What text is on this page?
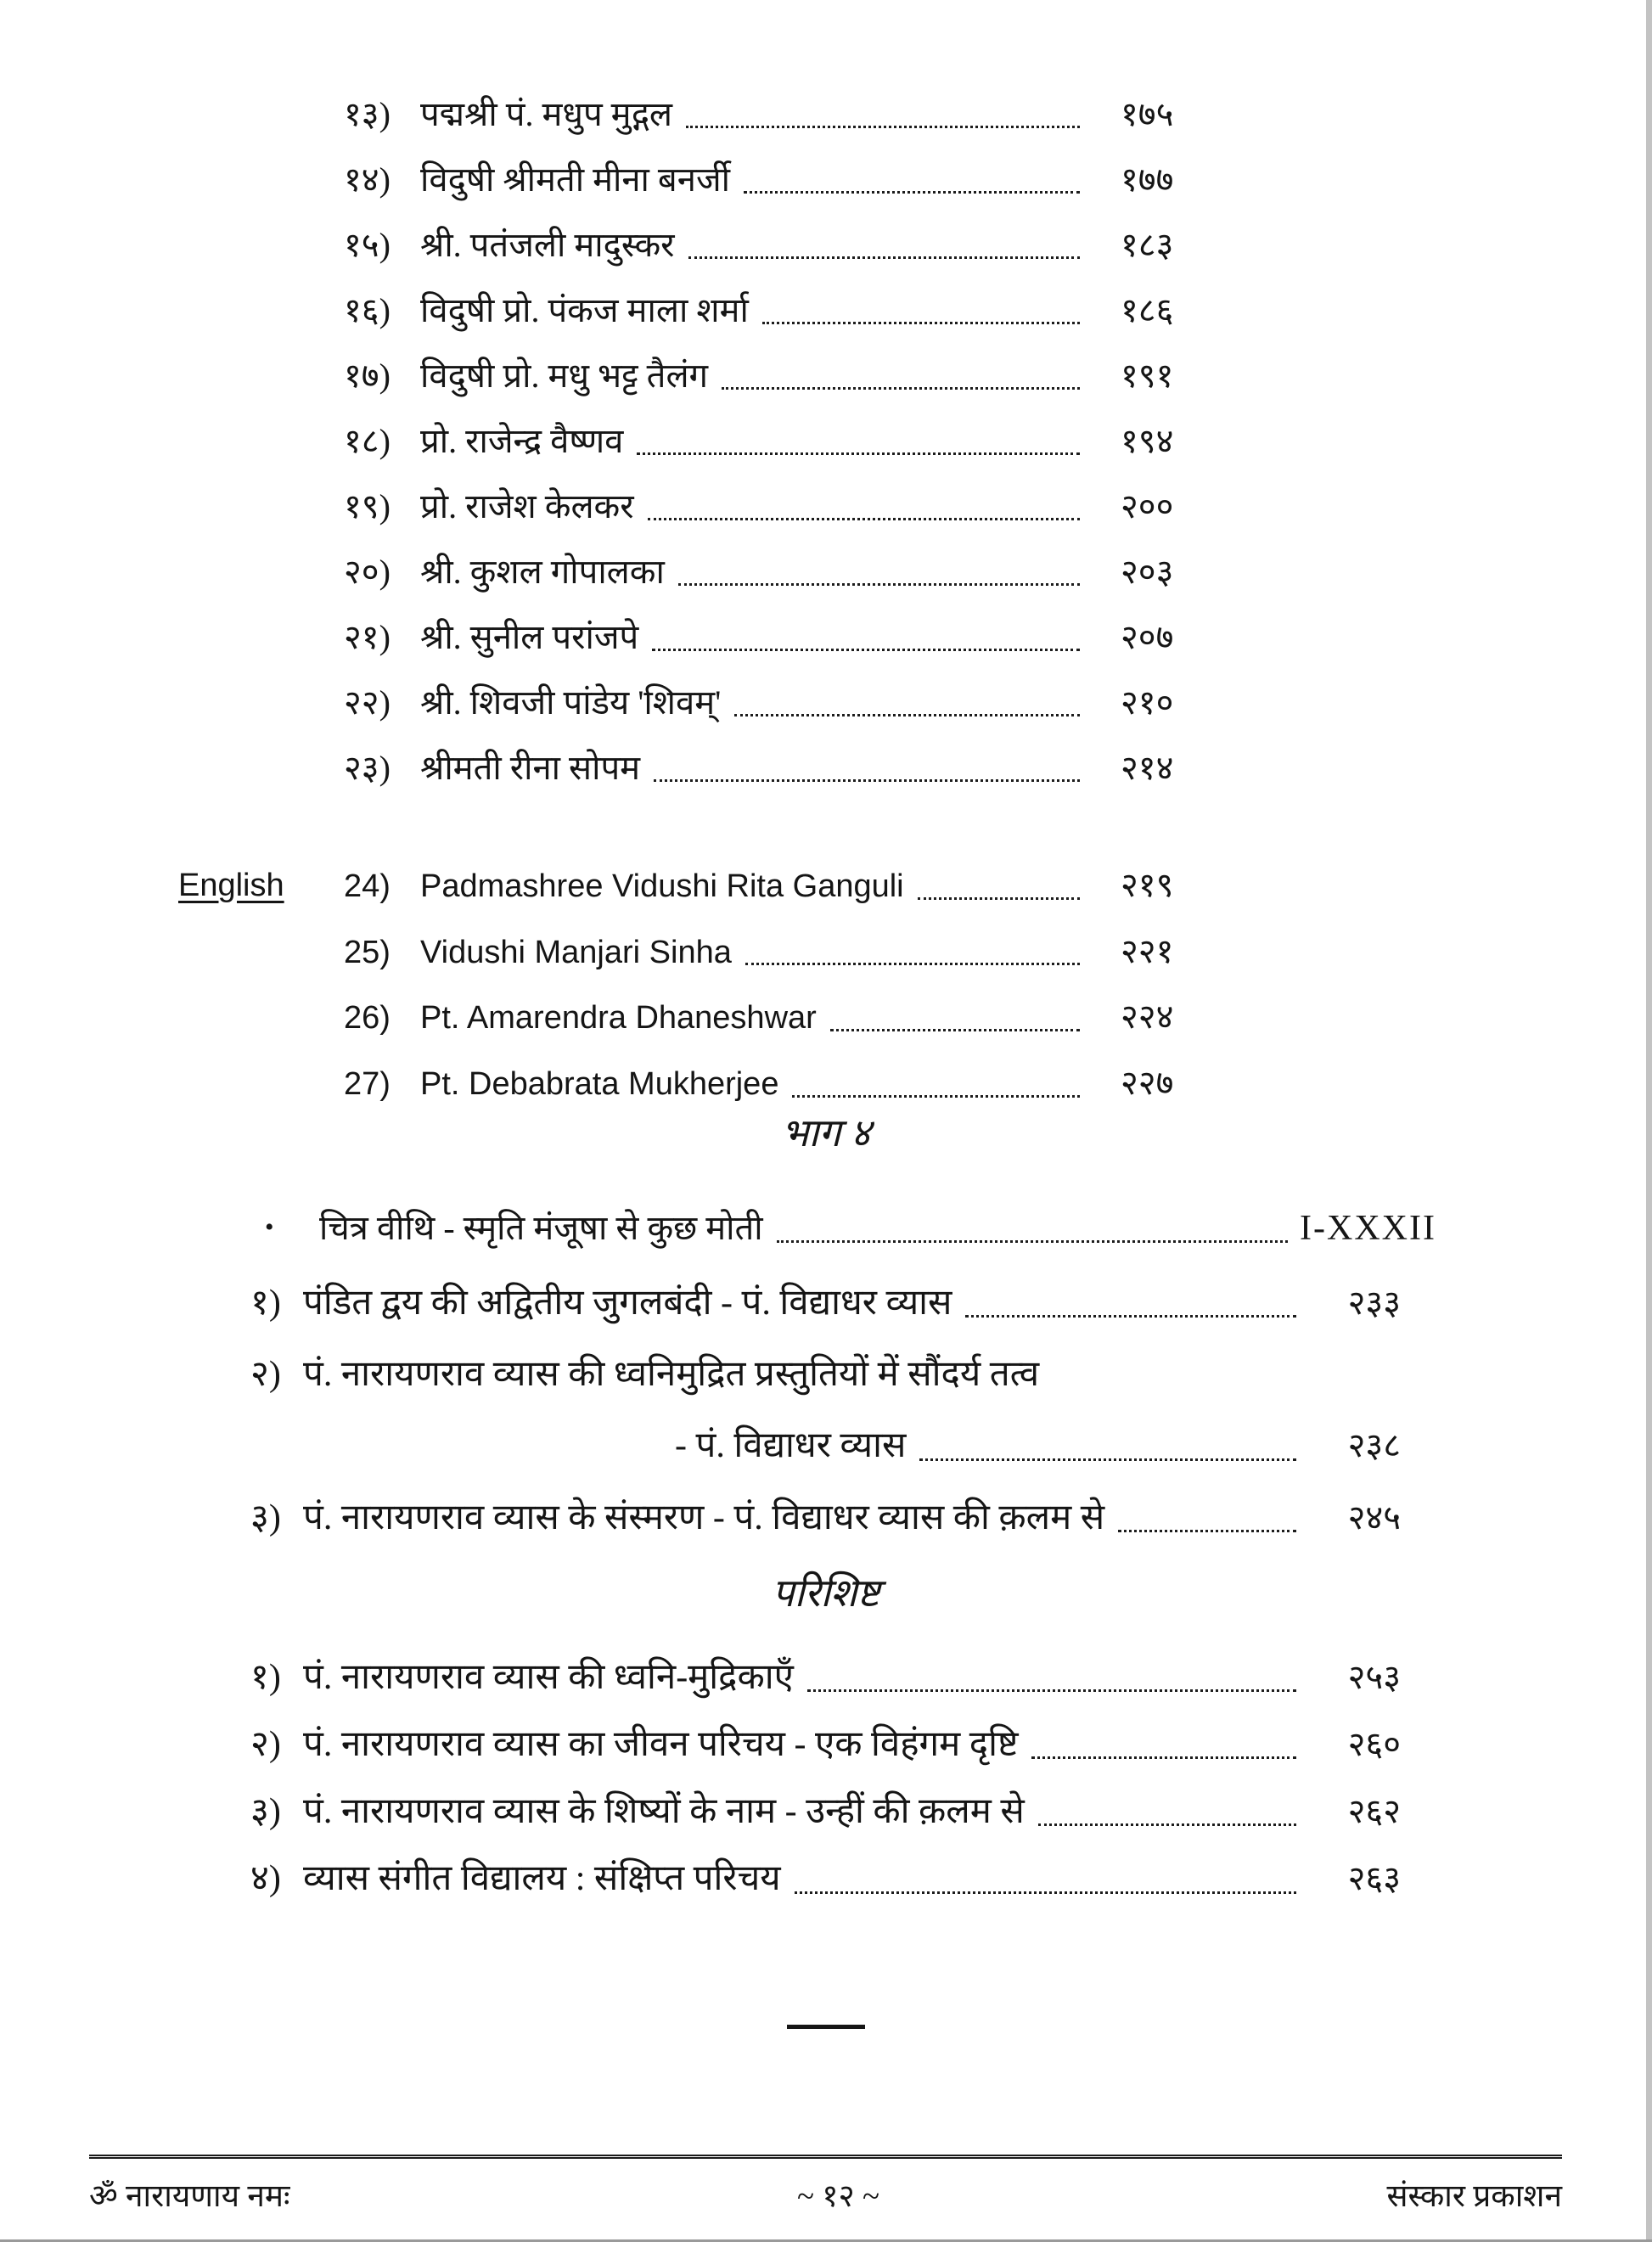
१३) पद्मश्री पं. मधुप मुद्गल	१७५
१४) विदुषी श्रीमती मीना बनर्जी	१७७
१५) श्री. पतंजली मादुस्कर	१८३
१६) विदुषी प्रो. पंकज माला शर्मा	१८६
१७) विदुषी प्रो. मधु भट्ट तैलंग	१९१
१८) प्रो. राजेन्द्र वैष्णव	१९४
१९) प्रो. राजेश केलकर	२००
२०) श्री. कुशल गोपालका	२०३
२१) श्री. सुनील परांजपे	२०७
२२) श्री. शिवजी पांडेय 'शिवम्'	२१०
२३) श्रीमती रीना सोपम	२१४
English 24) Padmashree Vidushi Rita Ganguli	२१९
25) Vidushi Manjari Sinha	२२१
26) Pt. Amarendra Dhaneshwar	२२४
27) Pt. Debabrata Mukherjee	२२७
भाग ४
•	चित्र वीथि - स्मृति मंजूषा से कुछ मोती	I-XXXII
१) पंडित द्वय की अद्वितीय जुगलबंदी - पं. विद्याधर व्यास	२३३
२) पं. नारायणराव व्यास की ध्वनिमुद्रित प्रस्तुतियों में सौंदर्य तत्व
- पं. विद्याधर व्यास	२३८
३) पं. नारायणराव व्यास के संस्मरण - पं. विद्याधर व्यास की क़लम से	२४५
परिशिष्ट
१) पं. नारायणराव व्यास की ध्वनि-मुद्रिकाएँ	२५३
२) पं. नारायणराव व्यास का जीवन परिचय - एक विहंगम दृष्टि	२६०
३) पं. नारायणराव व्यास के शिष्यों के नाम - उन्हीं की क़लम से	२६२
४) व्यास संगीत विद्यालय : संक्षिप्त परिचय	२६३
ॐ नारायणाय नमः	~ १२ ~	संस्कार प्रकाशन
